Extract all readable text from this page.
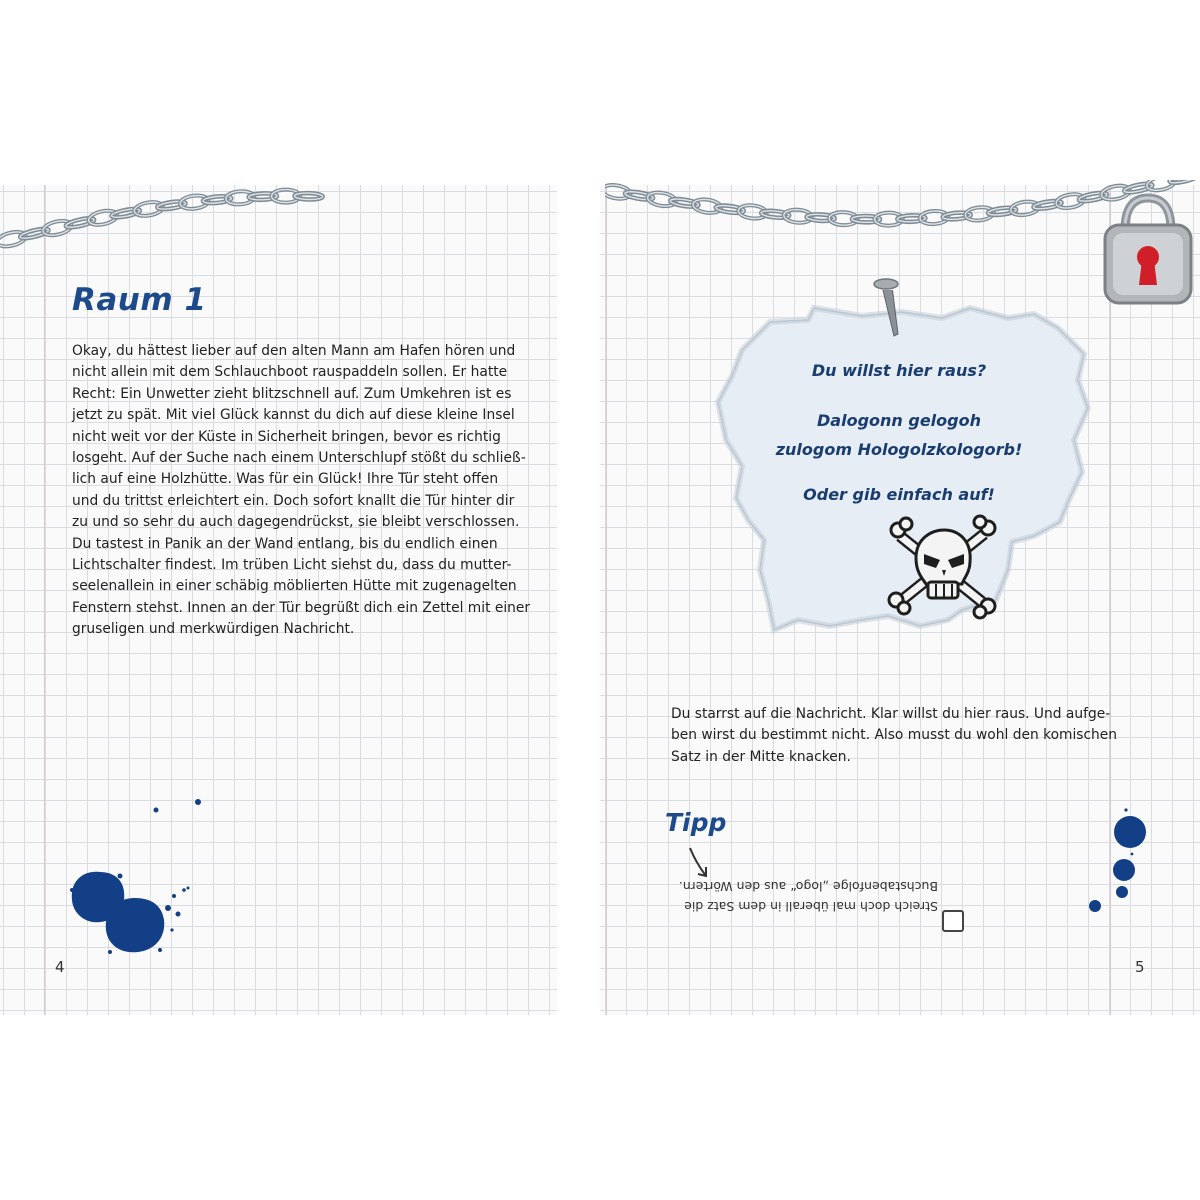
Raum 1
Okay, du hättest lieber auf den alten Mann am Hafen hören und
nicht allein mit dem Schlauchboot rauspaddeln sollen. Er hatte
Recht: Ein Unwetter zieht blitzschnell auf. Zum Umkehren ist es
jetzt zu spät. Mit viel Glück kannst du dich auf diese kleine Insel
nicht weit vor der Küste in Sicherheit bringen, bevor es richtig
losgeht. Auf der Suche nach einem Unterschlupf stößt du schließ-
lich auf eine Holzhütte. Was für ein Glück! Ihre Tür steht offen
und du trittst erleichtert ein. Doch sofort knallt die Tür hinter dir
zu und so sehr du auch dagegendrückst, sie bleibt verschlossen.
Du tastest in Panik an der Wand entlang, bis du endlich einen
Lichtschalter findest. Im trüben Licht siehst du, dass du mutter-
seelenallein in einer schäbig möblierten Hütte mit zugenagelten
Fenstern stehst. Innen an der Tür begrüßt dich ein Zettel mit einer
gruseligen und merkwürdigen Nachricht.
4
Du willst hier raus?
Dalogonn gelogoh
zulogom Hologolzkologorb!
Oder gib einfach auf!
Du starrst auf die Nachricht. Klar willst du hier raus. Und aufge-
ben wirst du bestimmt nicht. Also musst du wohl den komischen
Satz in der Mitte knacken.
Tipp
Streich doch mal überall in dem Satz die
Buchstabenfolge „logo“ aus den Wörtern.
5
